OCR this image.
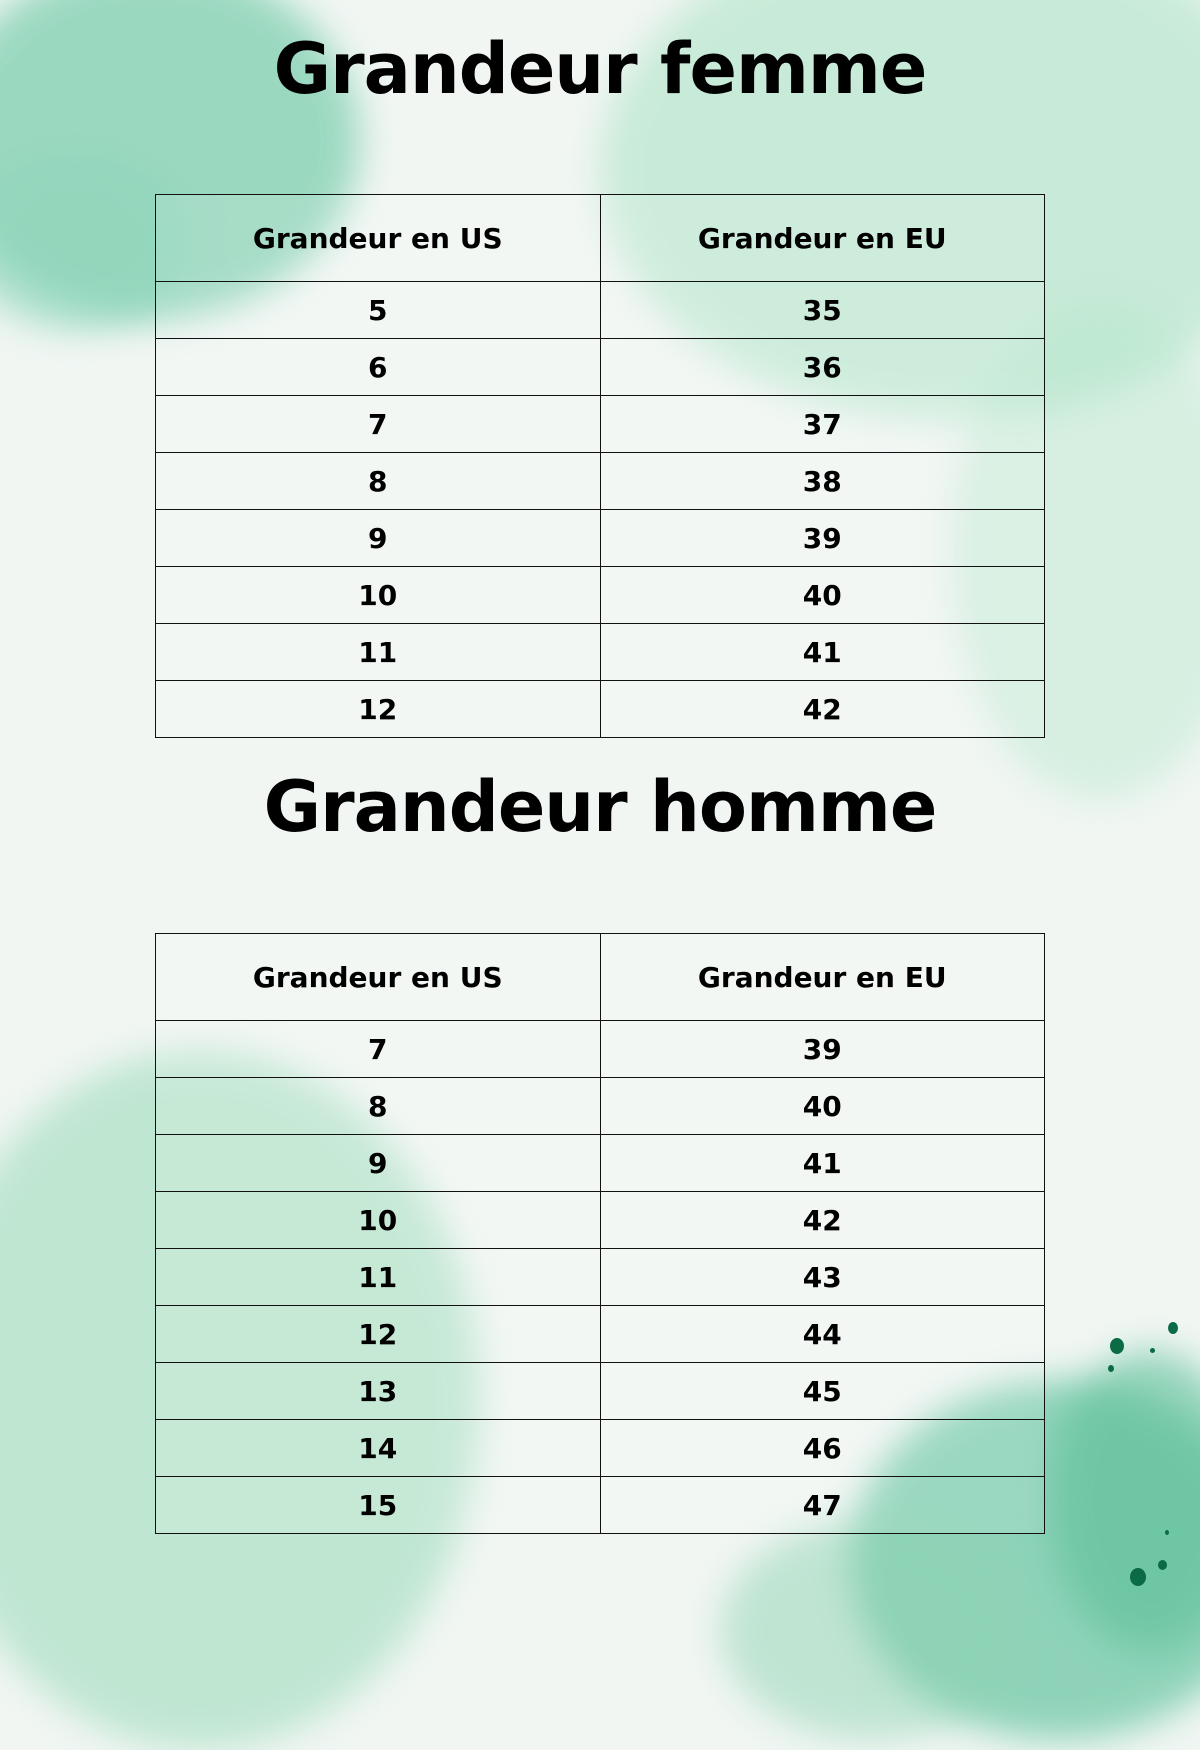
Grandeur femme
Grandeur en US	Grandeur en EU
5	35
6	36
7	37
8	38
9	39
10	40
11	41
12	42
Grandeur homme
Grandeur en US	Grandeur en EU
7	39
8	40
9	41
10	42
11	43
12	44
13	45
14	46
15	47
